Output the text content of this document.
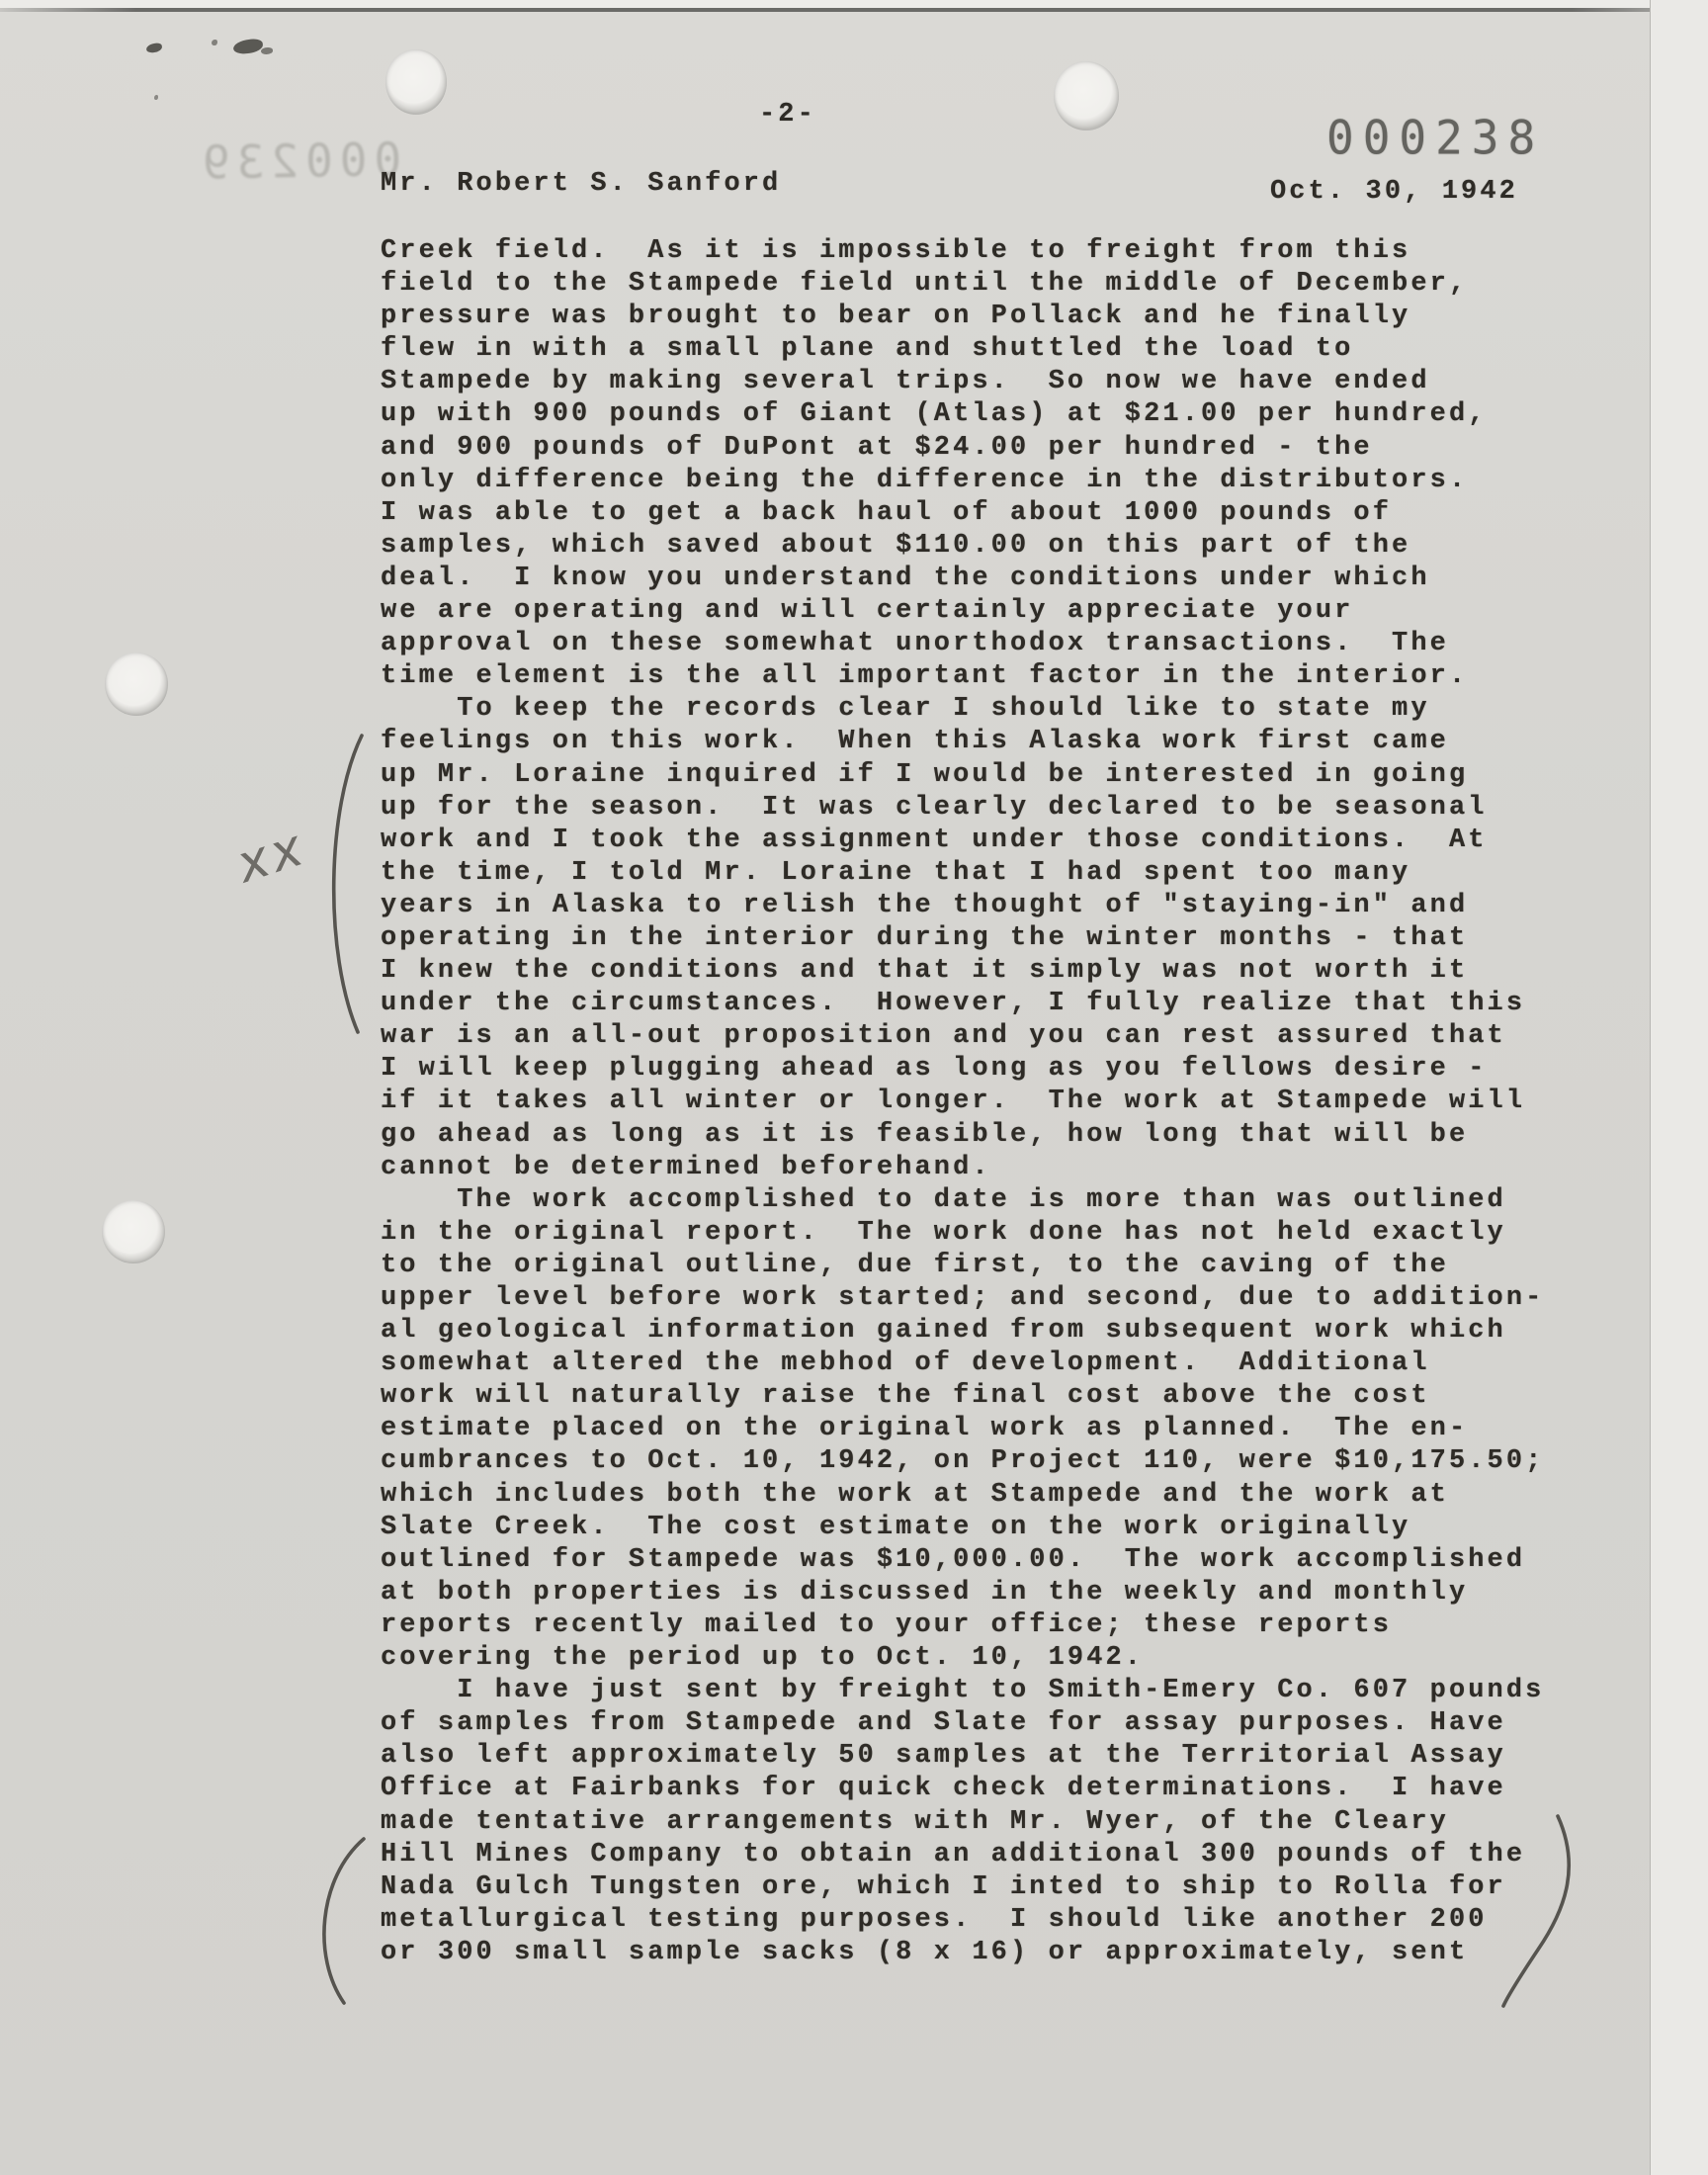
000239
-2-	000238
Mr. Robert S. Sanford	Oct. 30, 1942
Creek field.  As it is impossible to freight from this
field to the Stampede field until the middle of December,
pressure was brought to bear on Pollack and he finally
flew in with a small plane and shuttled the load to
Stampede by making several trips.  So now we have ended
up with 900 pounds of Giant (Atlas) at $21.00 per hundred,
and 900 pounds of DuPont at $24.00 per hundred - the
only difference being the difference in the distributors.
I was able to get a back haul of about 1000 pounds of
samples, which saved about $110.00 on this part of the
deal.  I know you understand the conditions under which
we are operating and will certainly appreciate your
approval on these somewhat unorthodox transactions.  The
time element is the all important factor in the interior.
To keep the records clear I should like to state my
feelings on this work.  When this Alaska work first came
up Mr. Loraine inquired if I would be interested in going
up for the season.  It was clearly declared to be seasonal
work and I took the assignment under those conditions.  At
the time, I told Mr. Loraine that I had spent too many
years in Alaska to relish the thought of "staying-in" and
operating in the interior during the winter months - that
I knew the conditions and that it simply was not worth it
under the circumstances.  However, I fully realize that this
war is an all-out proposition and you can rest assured that
I will keep plugging ahead as long as you fellows desire -
if it takes all winter or longer.  The work at Stampede will
go ahead as long as it is feasible, how long that will be
cannot be determined beforehand.
The work accomplished to date is more than was outlined
in the original report.  The work done has not held exactly
to the original outline, due first, to the caving of the
upper level before work started; and second, due to addition-
al geological information gained from subsequent work which
somewhat altered the mebhod of development.  Additional
work will naturally raise the final cost above the cost
estimate placed on the original work as planned.  The en-
cumbrances to Oct. 10, 1942, on Project 110, were $10,175.50;
which includes both the work at Stampede and the work at
Slate Creek.  The cost estimate on the work originally
outlined for Stampede was $10,000.00.  The work accomplished
at both properties is discussed in the weekly and monthly
reports recently mailed to your office; these reports
covering the period up to Oct. 10, 1942.
I have just sent by freight to Smith-Emery Co. 607 pounds
of samples from Stampede and Slate for assay purposes. Have
also left approximately 50 samples at the Territorial Assay
Office at Fairbanks for quick check determinations.  I have
made tentative arrangements with Mr. Wyer, of the Cleary
Hill Mines Company to obtain an additional 300 pounds of the
Nada Gulch Tungsten ore, which I inted to ship to Rolla for
metallurgical testing purposes.  I should like another 200
or 300 small sample sacks (8 x 16) or approximately, sent
xx
